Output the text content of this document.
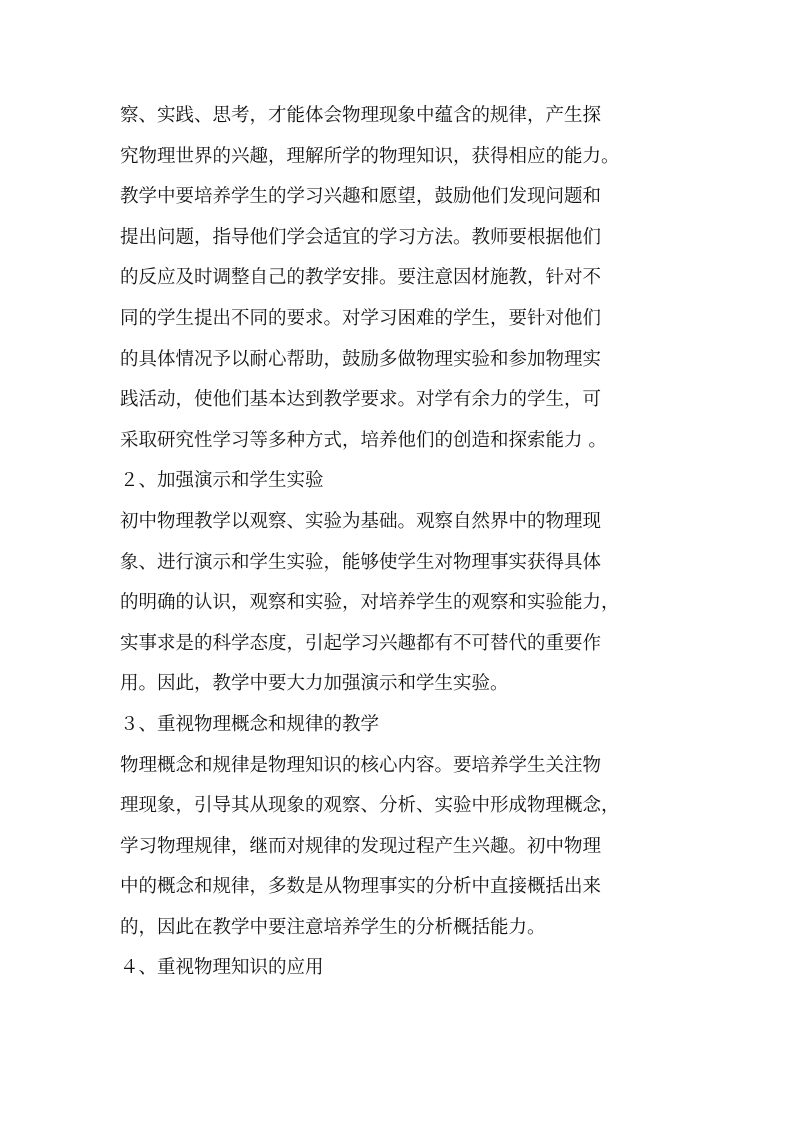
察、实践、思考，才能体会物理现象中蕴含的规律，产生探
究物理世界的兴趣，理解所学的物理知识，获得相应的能力。
教学中要培养学生的学习兴趣和愿望，鼓励他们发现问题和
提出问题，指导他们学会适宜的学习方法。教师要根据他们
的反应及时调整自己的教学安排。要注意因材施教，针对不
同的学生提出不同的要求。对学习困难的学生，要针对他们
的具体情况予以耐心帮助，鼓励多做物理实验和参加物理实
践活动，使他们基本达到教学要求。对学有余力的学生，可
采取研究性学习等多种方式，培养他们的创造和探索能力 。
２、加强演示和学生实验
初中物理教学以观察、实验为基础。观察自然界中的物理现
象、进行演示和学生实验，能够使学生对物理事实获得具体
的明确的认识，观察和实验，对培养学生的观察和实验能力，
实事求是的科学态度，引起学习兴趣都有不可替代的重要作
用。因此，教学中要大力加强演示和学生实验。
３、重视物理概念和规律的教学
物理概念和规律是物理知识的核心内容。要培养学生关注物
理现象，引导其从现象的观察、分析、实验中形成物理概念，
学习物理规律，继而对规律的发现过程产生兴趣。初中物理
中的概念和规律，多数是从物理事实的分析中直接概括出来
的，因此在教学中要注意培养学生的分析概括能力。
４、重视物理知识的应用
